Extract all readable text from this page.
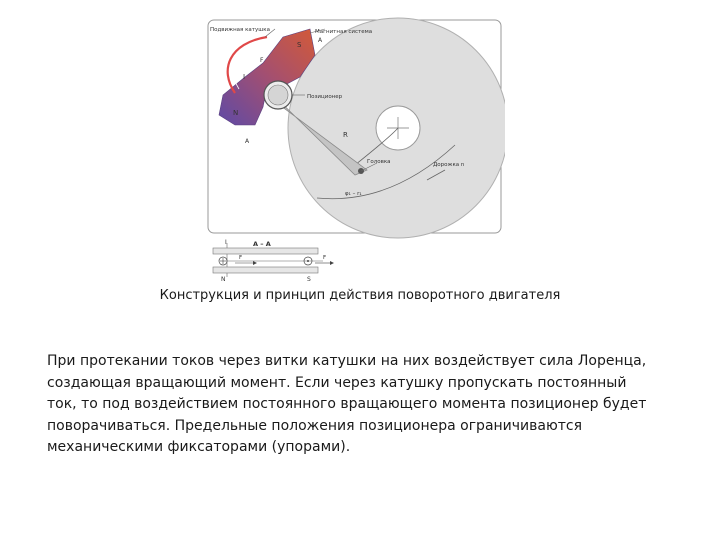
Подвижная катушка	Магнитная система
S
N
A
A
I
F
Позиционер
R
Головка	Дорожка n
φ₁ – r₁
A – A
I
N	S
F	F
Конструкция и принцип действия поворотного двигателя

При протекании токов через витки катушки на них воздействует сила Лоренца,
создающая вращающий момент. Если через катушку пропускать постоянный
ток, то под воздействием постоянного вращающего момента позиционер будет
поворачиваться. Предельные положения позиционера ограничиваются
механическими фиксаторами (упорами).
